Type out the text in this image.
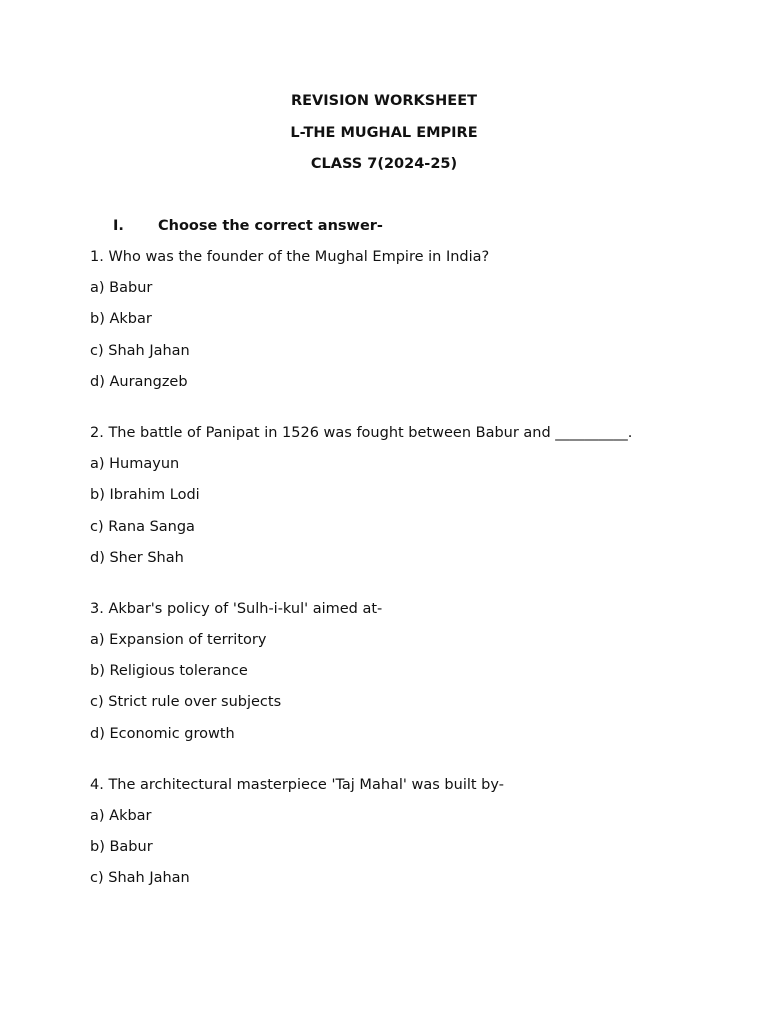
REVISION WORKSHEET
L-THE MUGHAL EMPIRE
CLASS 7(2024-25)
I. Choose the correct answer-
1. Who was the founder of the Mughal Empire in India?
a) Babur
b) Akbar
c) Shah Jahan
d) Aurangzeb
2. The battle of Panipat in 1526 was fought between Babur and __________.
a) Humayun
b) Ibrahim Lodi
c) Rana Sanga
d) Sher Shah
3. Akbar's policy of 'Sulh-i-kul' aimed at-
a) Expansion of territory
b) Religious tolerance
c) Strict rule over subjects
d) Economic growth
4. The architectural masterpiece 'Taj Mahal' was built by-
a) Akbar
b) Babur
c) Shah Jahan
